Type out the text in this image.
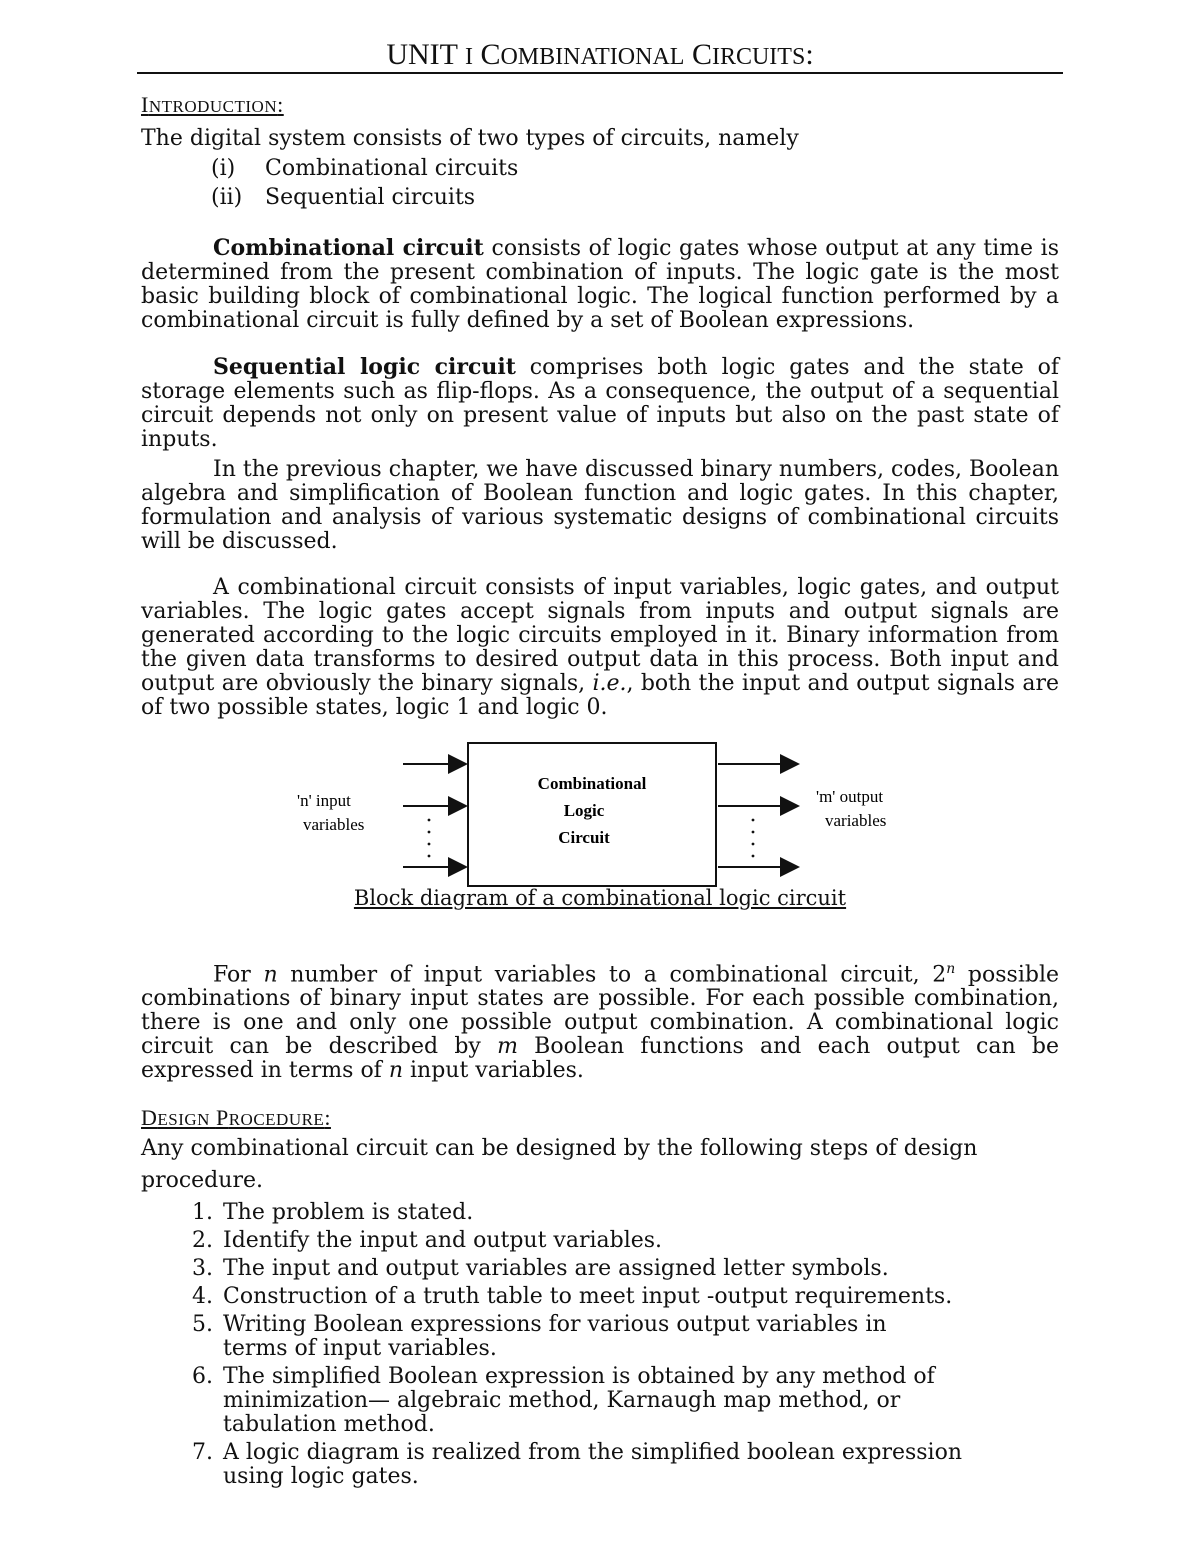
UNIT I COMBINATIONAL CIRCUITS:
INTRODUCTION:

The digital system consists of two types of circuits, namely

(i)	Combinational circuits
(ii)	Sequential circuits

Combinational circuit consists of logic gates whose output at any time is determined from the present combination of inputs. The logic gate is the most basic building block of combinational logic. The logical function performed by a combinational circuit is fully defined by a set of Boolean expressions.

Sequential logic circuit comprises both logic gates and the state of storage elements such as flip-flops. As a consequence, the output of a sequential circuit depends not only on present value of inputs but also on the past state of inputs.

In the previous chapter, we have discussed binary numbers, codes, Boolean algebra and simplification of Boolean function and logic gates. In this chapter, formulation and analysis of various systematic designs of combinational circuits will be discussed.

A combinational circuit consists of input variables, logic gates, and output variables. The logic gates accept signals from inputs and output signals are generated according to the logic circuits employed in it. Binary information from the given data transforms to desired output data in this process. Both input and output are obviously the binary signals, i.e., both the input and output signals are of two possible states, logic 1 and logic 0.

Combinational
Logic
Circuit
'n' input
variables
'm' output
variables
Block diagram of a combinational logic circuit

For n number of input variables to a combinational circuit, 2$^n$ possible combinations of binary input states are possible. For each possible combination, there is one and only one possible output combination. A combinational logic circuit can be described by m Boolean functions and each output can be expressed in terms of n input variables.

DESIGN PROCEDURE:

Any combinational circuit can be designed by the following steps of design procedure.

1. The problem is stated.
2. Identify the input and output variables.
3. The input and output variables are assigned letter symbols.
4. Construction of a truth table to meet input -output requirements.
5. Writing Boolean expressions for various output variables in terms of input variables.
6. The simplified Boolean expression is obtained by any method of minimization— algebraic method, Karnaugh map method, or tabulation method.
7. A logic diagram is realized from the simplified boolean expression using logic gates.
